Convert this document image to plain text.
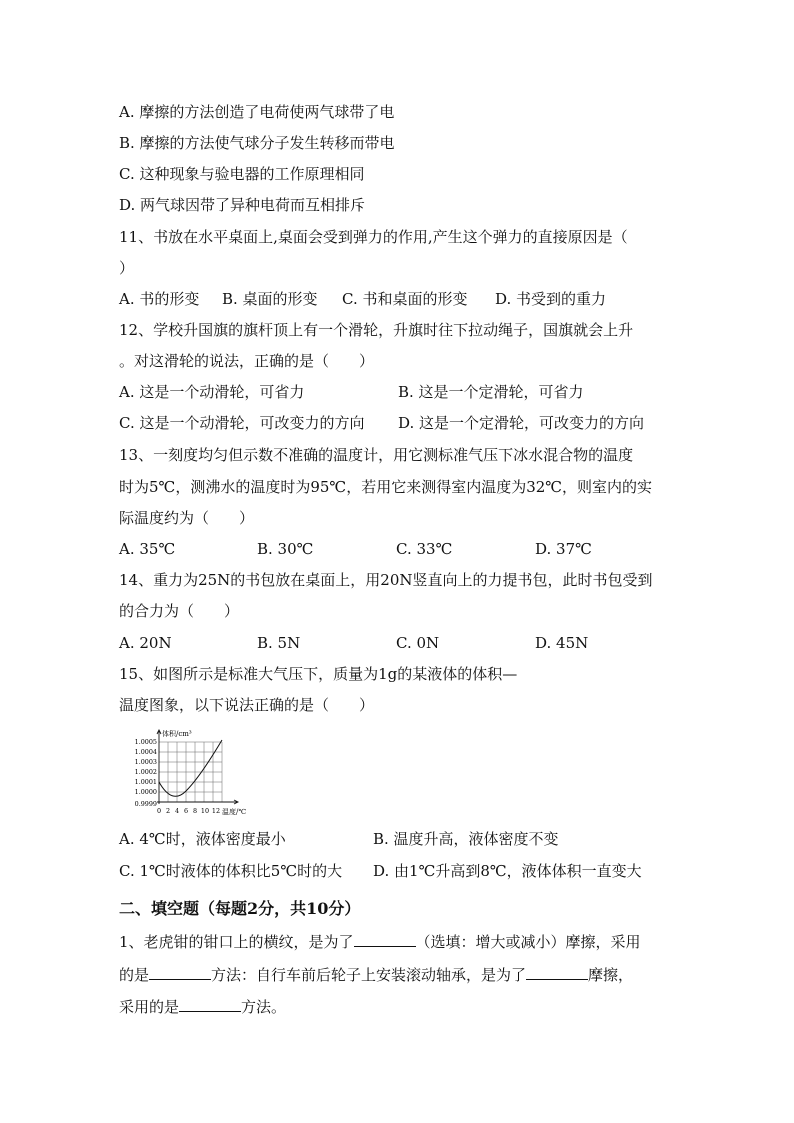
A. 摩擦的方法创造了电荷使两气球带了电
B. 摩擦的方法使气球分子发生转移而带电
C. 这种现象与验电器的工作原理相同
D. 两气球因带了异种电荷而互相排斥
11、书放在水平桌面上,桌面会受到弹力的作用,产生这个弹力的直接原因是（
）
A. 书的形变 B. 桌面的形变 C. 书和桌面的形变 D. 书受到的重力
12、学校升国旗的旗杆顶上有一个滑轮，升旗时往下拉动绳子，国旗就会上升
。对这滑轮的说法，正确的是（　　）
A. 这是一个动滑轮，可省力	B. 这是一个定滑轮，可省力
C. 这是一个动滑轮，可改变力的方向 D. 这是一个定滑轮，可改变力的方向
13、一刻度均匀但示数不准确的温度计，用它测标准气压下冰水混合物的温度
时为5℃，测沸水的温度时为95℃，若用它来测得室内温度为32℃，则室内的实
际温度约为（　　）
A. 35℃	B. 30℃	C. 33℃	D. 37℃
14、重力为25N的书包放在桌面上，用20N竖直向上的力提书包，此时书包受到
的合力为（　　）
A. 20N	B. 5N	C. 0N	D. 45N
15、如图所示是标准大气压下，质量为1g的某液体的体积—
温度图象，以下说法正确的是（　　）
体积/cm³
温度/℃
1.0005
1.0004
1.0003
1.0002
1.0001
1.0000
0.9999
0 2 4 6 8 10 12
A. 4℃时，液体密度最小	B. 温度升高，液体密度不变
C. 1℃时液体的体积比5℃时的大 D. 由1℃升高到8℃，液体体积一直变大
二、填空题（每题2分，共10分）
1、老虎钳的钳口上的横纹，是为了	（选填：增大或减小）摩擦，采用
的是	方法：自行车前后轮子上安装滚动轴承，是为了	摩擦，
采用的是	方法。
